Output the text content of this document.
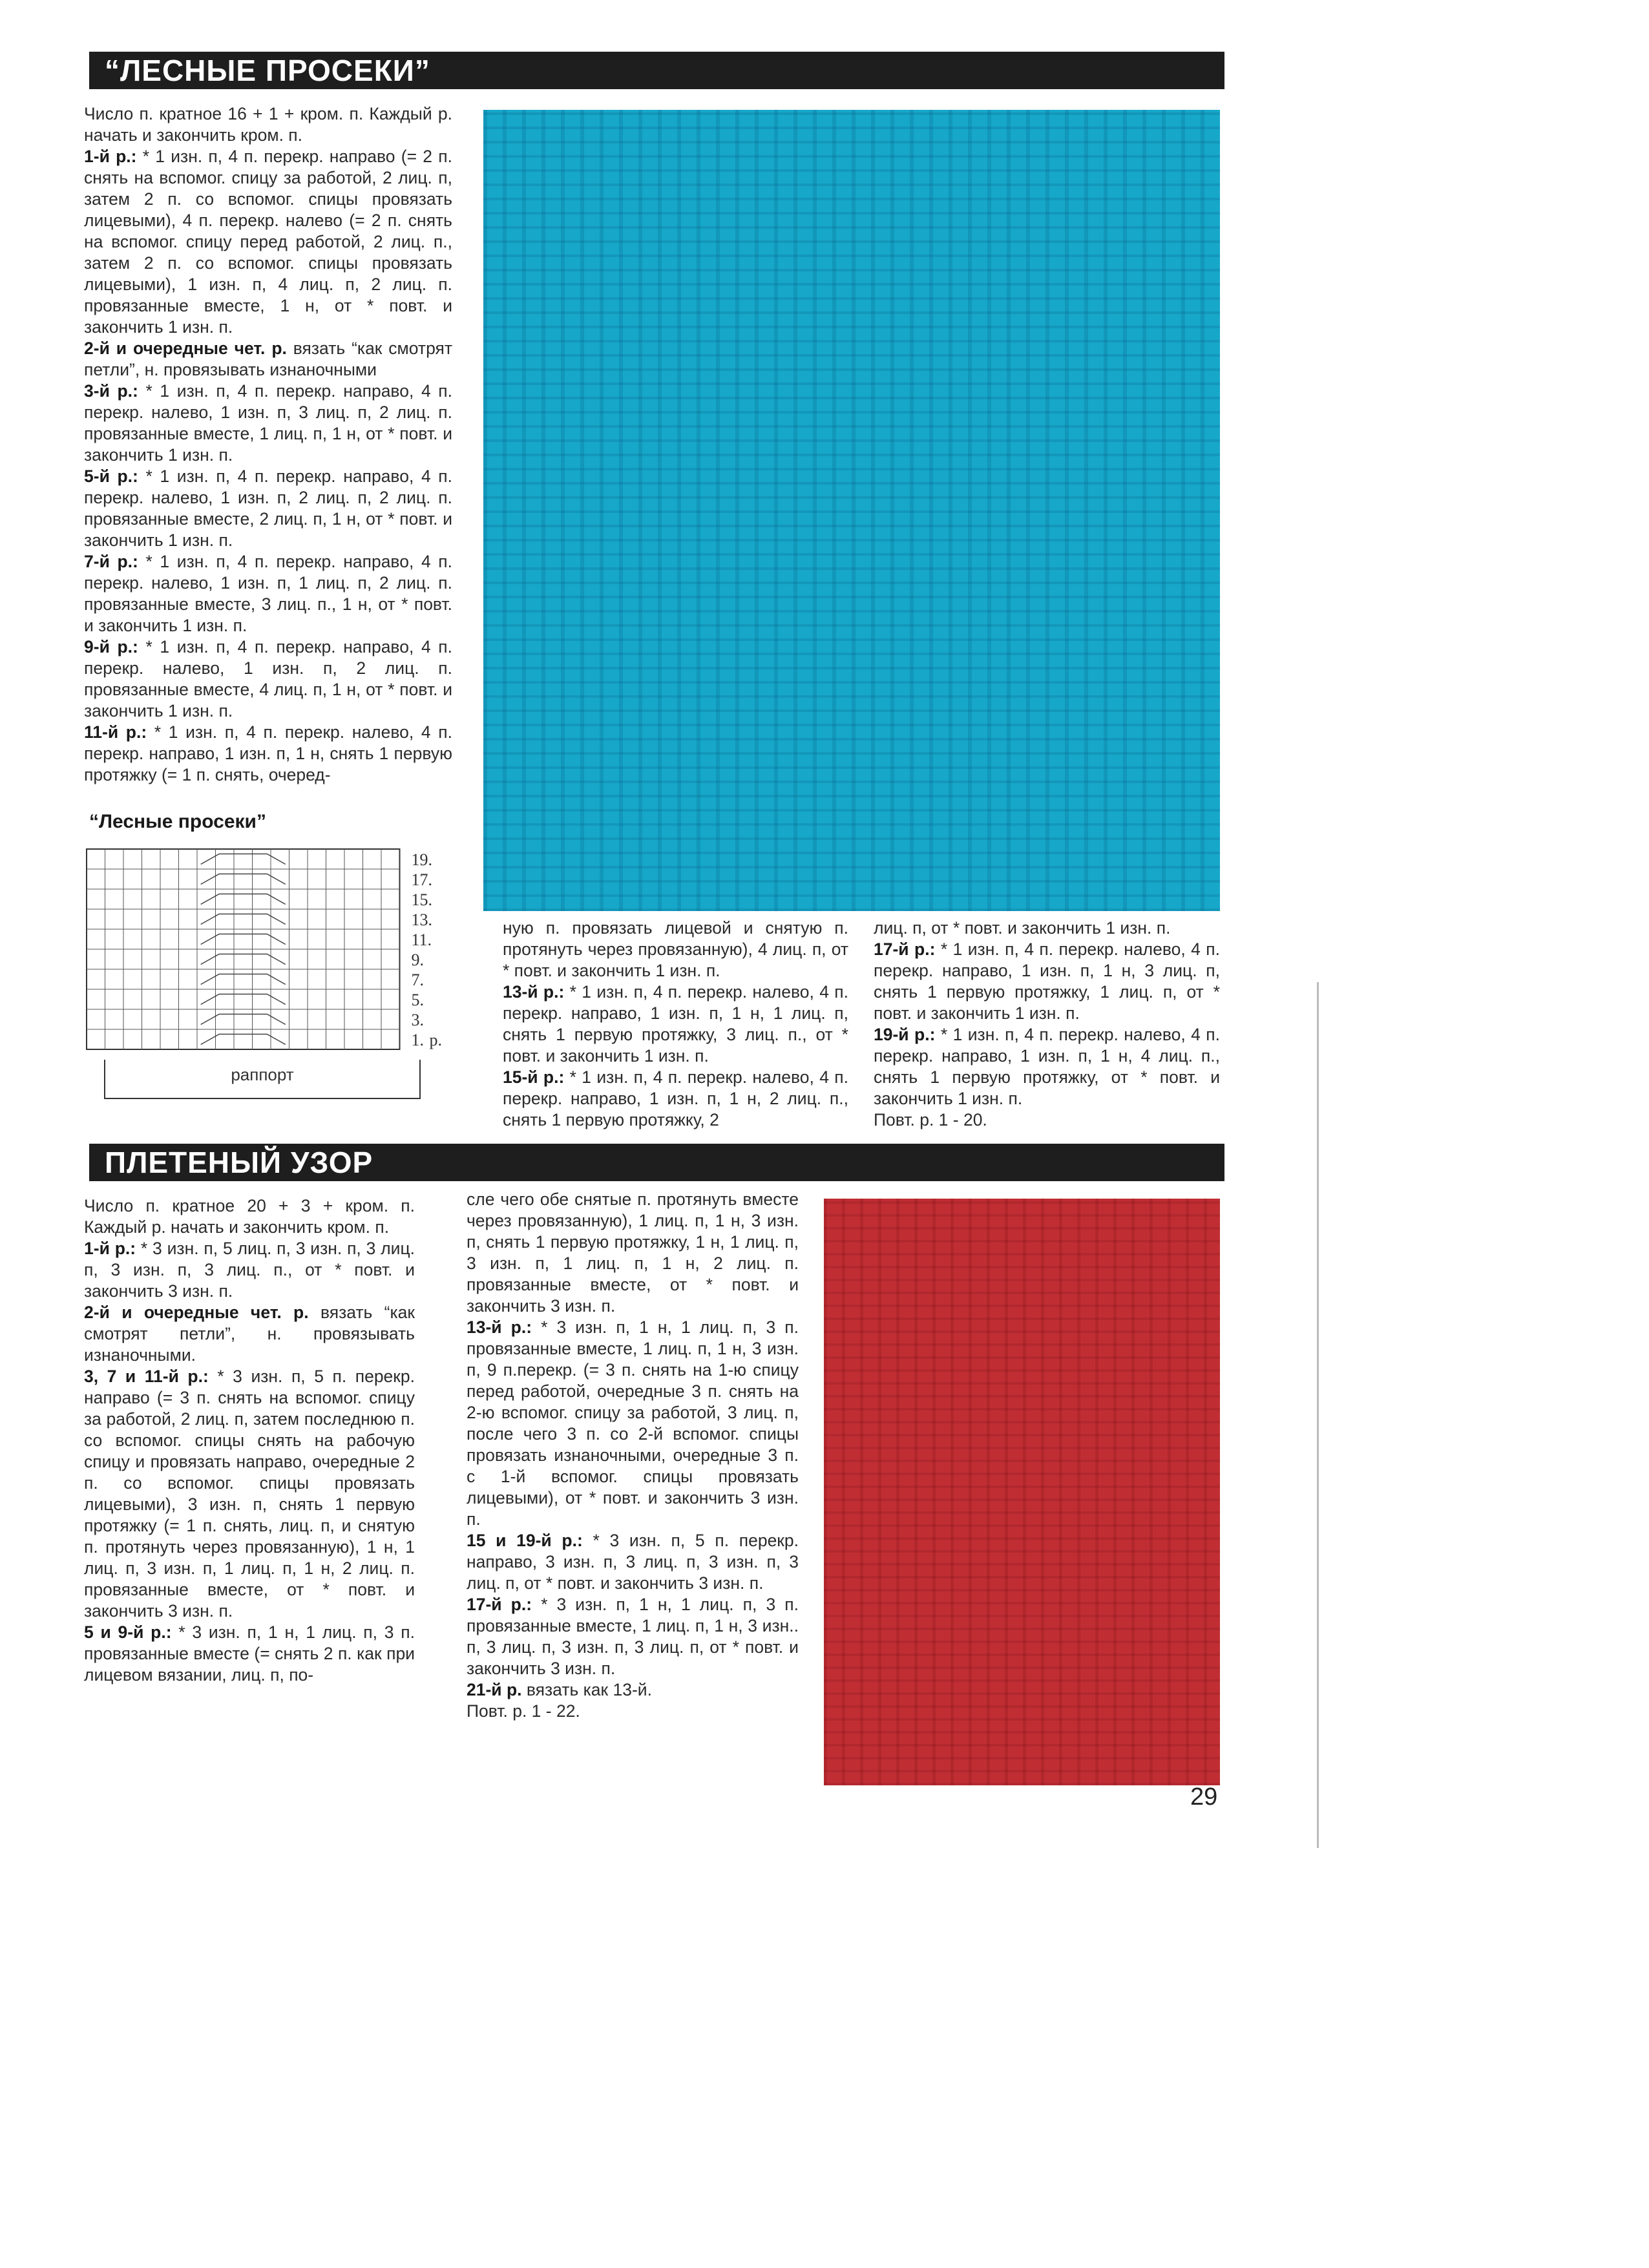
“ЛЕСНЫЕ ПРОСЕКИ”

Число п. кратное 16 + 1 + кром. п. Каждый р. начать и закончить кром. п.

1-й р.: * 1 изн. п, 4 п. перекр. направо (= 2 п. снять на вспомог. спицу за работой, 2 лиц. п, затем 2 п. со вспомог. спицы провязать лицевыми), 4 п. перекр. налево (= 2 п. снять на вспомог. спицу перед работой, 2 лиц. п., затем 2 п. со вспомог. спицы провязать лицевыми), 1 изн. п, 4 лиц. п, 2 лиц. п. провязанные вместе, 1 н, от * повт. и закончить 1 изн. п.

2-й и очередные чет. р. вязать “как смотрят петли”, н. провязывать изнаночными

3-й р.: * 1 изн. п, 4 п. перекр. направо, 4 п. перекр. налево, 1 изн. п, 3 лиц. п, 2 лиц. п. провязанные вместе, 1 лиц. п, 1 н, от * повт. и закончить 1 изн. п.

5-й р.: * 1 изн. п, 4 п. перекр. направо, 4 п. перекр. налево, 1 изн. п, 2 лиц. п, 2 лиц. п. провязанные вместе, 2 лиц. п, 1 н, от * повт. и закончить 1 изн. п.

7-й р.: * 1 изн. п, 4 п. перекр. направо, 4 п. перекр. налево, 1 изн. п, 1 лиц. п, 2 лиц. п. провязанные вместе, 3 лиц. п., 1 н, от * повт. и закончить 1 изн. п.

9-й р.: * 1 изн. п, 4 п. перекр. направо, 4 п. перекр. налево, 1 изн. п, 2 лиц. п. провязанные вместе, 4 лиц. п, 1 н, от * повт. и закончить 1 изн. п.

11-й р.: * 1 изн. п, 4 п. перекр. налево, 4 п. перекр. направо, 1 изн. п, 1 н, снять 1 первую протяжку (= 1 п. снять, очеред-

“Лесные просеки”
19.
17.
15.
13.
11.
9.
7.
5.
3.
1. р.
раппорт

ную п. провязать лицевой и снятую п. протянуть через провязанную), 4 лиц. п, от * повт. и закончить 1 изн. п.

13-й р.: * 1 изн. п, 4 п. перекр. налево, 4 п. перекр. направо, 1 изн. п, 1 н, 1 лиц. п, снять 1 первую протяжку, 3 лиц. п., от * повт. и закончить 1 изн. п.

15-й р.: * 1 изн. п, 4 п. перекр. налево, 4 п. перекр. направо, 1 изн. п, 1 н, 2 лиц. п., снять 1 первую протяжку, 2

лиц. п, от * повт. и закончить 1 изн. п.

17-й р.: * 1 изн. п, 4 п. перекр. налево, 4 п. перекр. направо, 1 изн. п, 1 н, 3 лиц. п, снять 1 первую протяжку, 1 лиц. п, от * повт. и закончить 1 изн. п.

19-й р.: * 1 изн. п, 4 п. перекр. налево, 4 п. перекр. направо, 1 изн. п, 1 н, 4 лиц. п., снять 1 первую протяжку, от * повт. и закончить 1 изн. п.

Повт. р. 1 - 20.

ПЛЕТЕНЫЙ УЗОР

Число п. кратное 20 + 3 + кром. п. Каждый р. начать и закончить кром. п.

1-й р.: * 3 изн. п, 5 лиц. п, 3 изн. п, 3 лиц. п, 3 изн. п, 3 лиц. п., от * повт. и закончить 3 изн. п.

2-й и очередные чет. р. вязать “как смотрят петли”, н. провязывать изнаночными.

3, 7 и 11-й р.: * 3 изн. п, 5 п. перекр. направо (= 3 п. снять на вспомог. спицу за работой, 2 лиц. п, затем последнюю п. со вспомог. спицы снять на рабочую спицу и провязать направо, очередные 2 п. со вспомог. спицы провязать лицевыми), 3 изн. п, снять 1 первую протяжку (= 1 п. снять, лиц. п, и снятую п. протянуть через провязанную), 1 н, 1 лиц. п, 3 изн. п, 1 лиц. п, 1 н, 2 лиц. п. провязанные вместе, от * повт. и закончить 3 изн. п.

5 и 9-й р.: * 3 изн. п, 1 н, 1 лиц. п, 3 п. провязанные вместе (= снять 2 п. как при лицевом вязании, лиц. п, по-

сле чего обе снятые п. протянуть вместе через провязанную), 1 лиц. п, 1 н, 3 изн. п, снять 1 первую протяжку, 1 н, 1 лиц. п, 3 изн. п, 1 лиц. п, 1 н, 2 лиц. п. провязанные вместе, от * повт. и закончить 3 изн. п.

13-й р.: * 3 изн. п, 1 н, 1 лиц. п, 3 п. провязанные вместе, 1 лиц. п, 1 н, 3 изн. п, 9 п.перекр. (= 3 п. снять на 1-ю спицу перед работой, очередные 3 п. снять на 2-ю вспомог. спицу за работой, 3 лиц. п, после чего 3 п. со 2-й вспомог. спицы провязать изнаночными, очередные 3 п. с 1-й вспомог. спицы провязать лицевыми), от * повт. и закончить 3 изн. п.

15 и 19-й р.: * 3 изн. п, 5 п. перекр. направо, 3 изн. п, 3 лиц. п, 3 изн. п, 3 лиц. п, от * повт. и закончить 3 изн. п.

17-й р.: * 3 изн. п, 1 н, 1 лиц. п, 3 п. провязанные вместе, 1 лиц. п, 1 н, 3 изн.. п, 3 лиц. п, 3 изн. п, 3 лиц. п, от * повт. и закончить 3 изн. п.

21-й р. вязать как 13-й.

Повт. р. 1 - 22.

29
